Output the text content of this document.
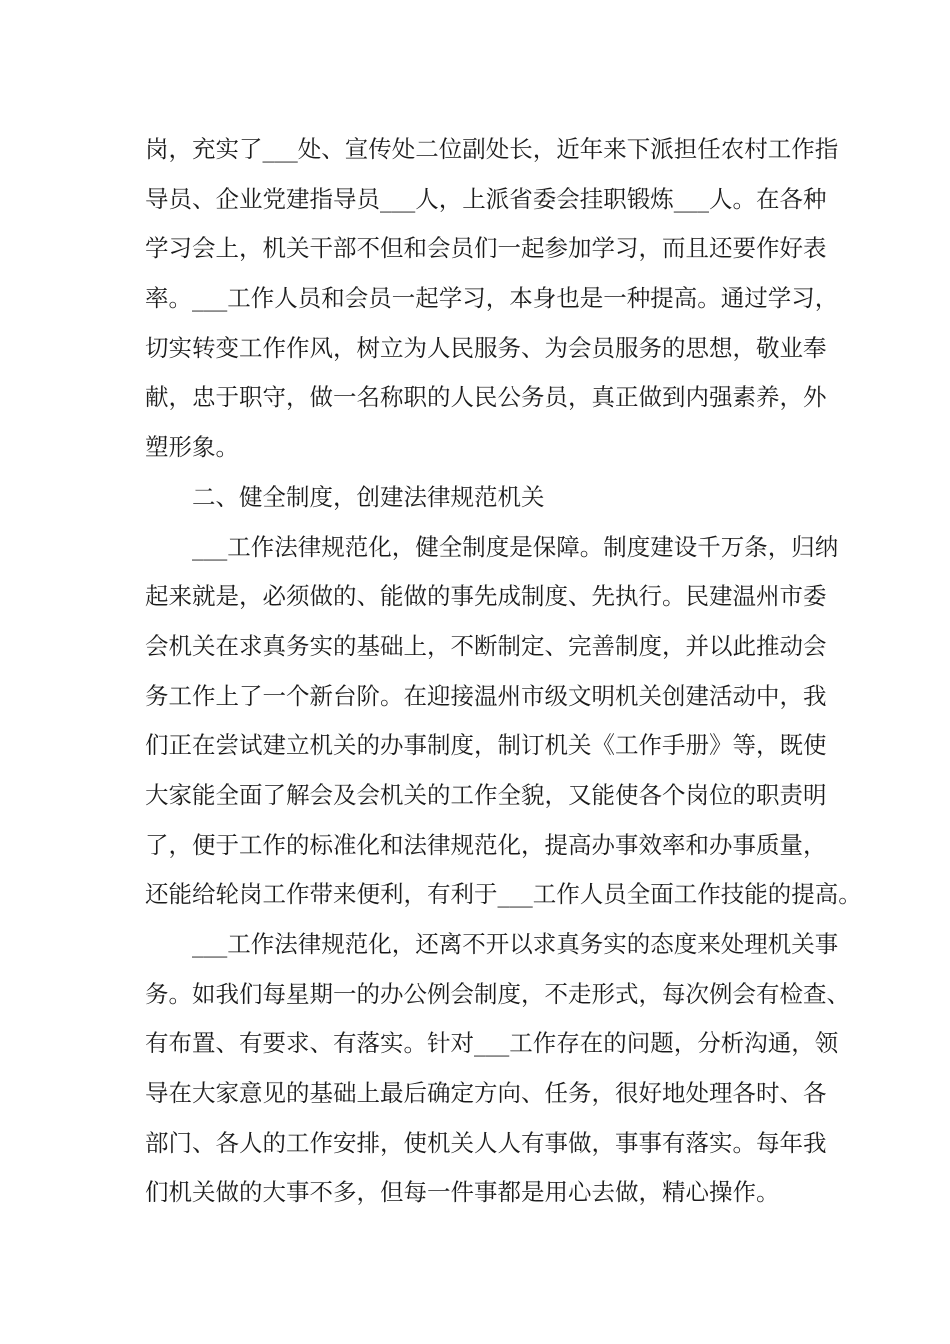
岗，充实了___处、宣传处二位副处长，近年来下派担任农村工作指
导员、企业党建指导员___人，上派省委会挂职锻炼___人。在各种
学习会上，机关干部不但和会员们一起参加学习，而且还要作好表
率。___工作人员和会员一起学习，本身也是一种提高。通过学习，
切实转变工作作风，树立为人民服务、为会员服务的思想，敬业奉
献，忠于职守，做一名称职的人民公务员，真正做到内强素养，外
塑形象。
二、健全制度，创建法律规范机关
___工作法律规范化，健全制度是保障。制度建设千万条，归纳
起来就是，必须做的、能做的事先成制度、先执行。民建温州市委
会机关在求真务实的基础上，不断制定、完善制度，并以此推动会
务工作上了一个新台阶。在迎接温州市级文明机关创建活动中，我
们正在尝试建立机关的办事制度，制订机关《工作手册》等，既使
大家能全面了解会及会机关的工作全貌，又能使各个岗位的职责明
了，便于工作的标准化和法律规范化，提高办事效率和办事质量，
还能给轮岗工作带来便利，有利于___工作人员全面工作技能的提高。
___工作法律规范化，还离不开以求真务实的态度来处理机关事
务。如我们每星期一的办公例会制度，不走形式，每次例会有检查、
有布置、有要求、有落实。针对___工作存在的问题，分析沟通，领
导在大家意见的基础上最后确定方向、任务，很好地处理各时、各
部门、各人的工作安排，使机关人人有事做，事事有落实。每年我
们机关做的大事不多，但每一件事都是用心去做，精心操作。
